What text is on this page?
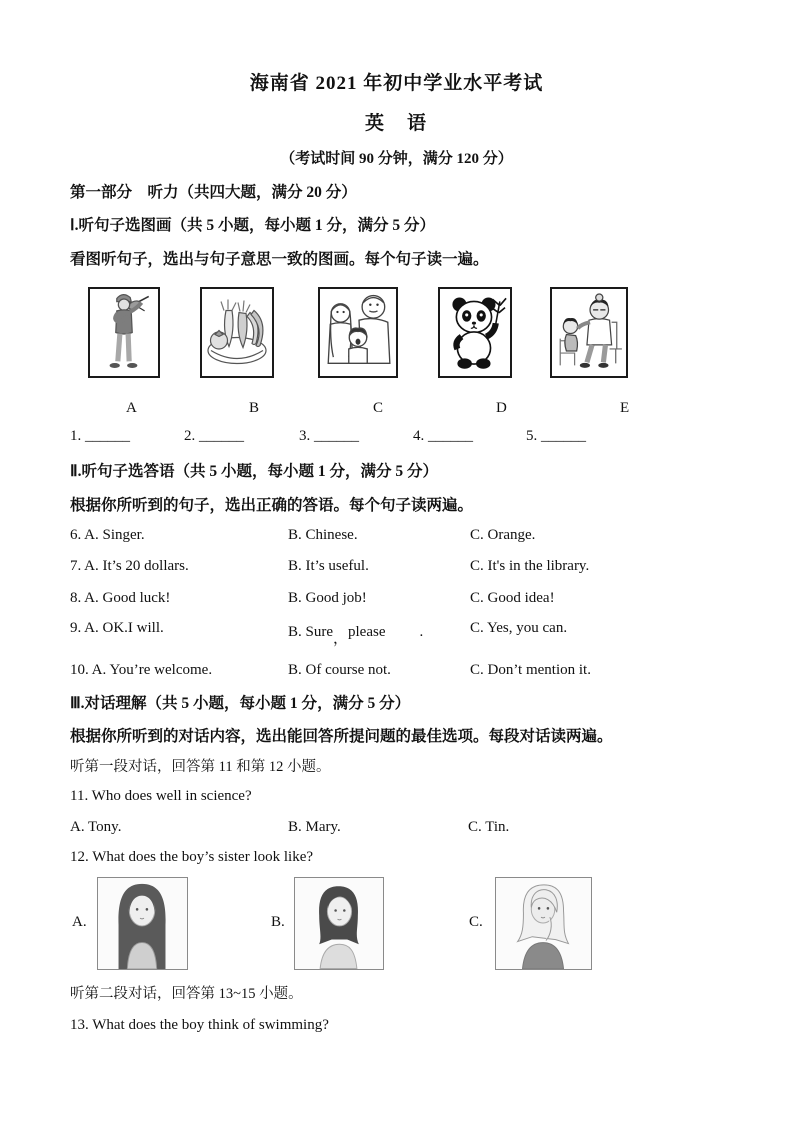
海南省 2021 年初中学业水平考试
英　语
（考试时间 90 分钟，满分 120 分）
第一部分　听力（共四大题，满分 20 分）
Ⅰ.听句子选图画（共 5 小题，每小题 1 分，满分 5 分）
看图听句子，选出与句子意思一致的图画。每个句子读一遍。
A	B	C	D	E
1. ______	2. ______	3. ______	4. ______	5. ______
Ⅱ.听句子选答语（共 5 小题，每小题 1 分，满分 5 分）
根据你所听到的句子，选出正确的答语。每个句子读两遍。
6. A. Singer.	B. Chinese.	C. Orange.
7. A. It’s 20 dollars.	B. It’s useful.	C. It's in the library.
8. A. Good luck!	B. Good job!	C. Good idea!
9. A. OK.I will.	B. Sure，please .	C. Yes, you can.
10. A. You’re welcome.	B. Of course not.	C. Don’t mention it.
Ⅲ.对话理解（共 5 小题，每小题 1 分，满分 5 分）
根据你所听到的对话内容，选出能回答所提问题的最佳选项。每段对话读两遍。
听第一段对话，回答第 11 和第 12 小题。
11. Who does well in science?
A. Tony.	B. Mary.	C. Tin.
12. What does the boy’s sister look like?
A.	B.	C.
听第二段对话，回答第 13~15 小题。
13. What does the boy think of swimming?
